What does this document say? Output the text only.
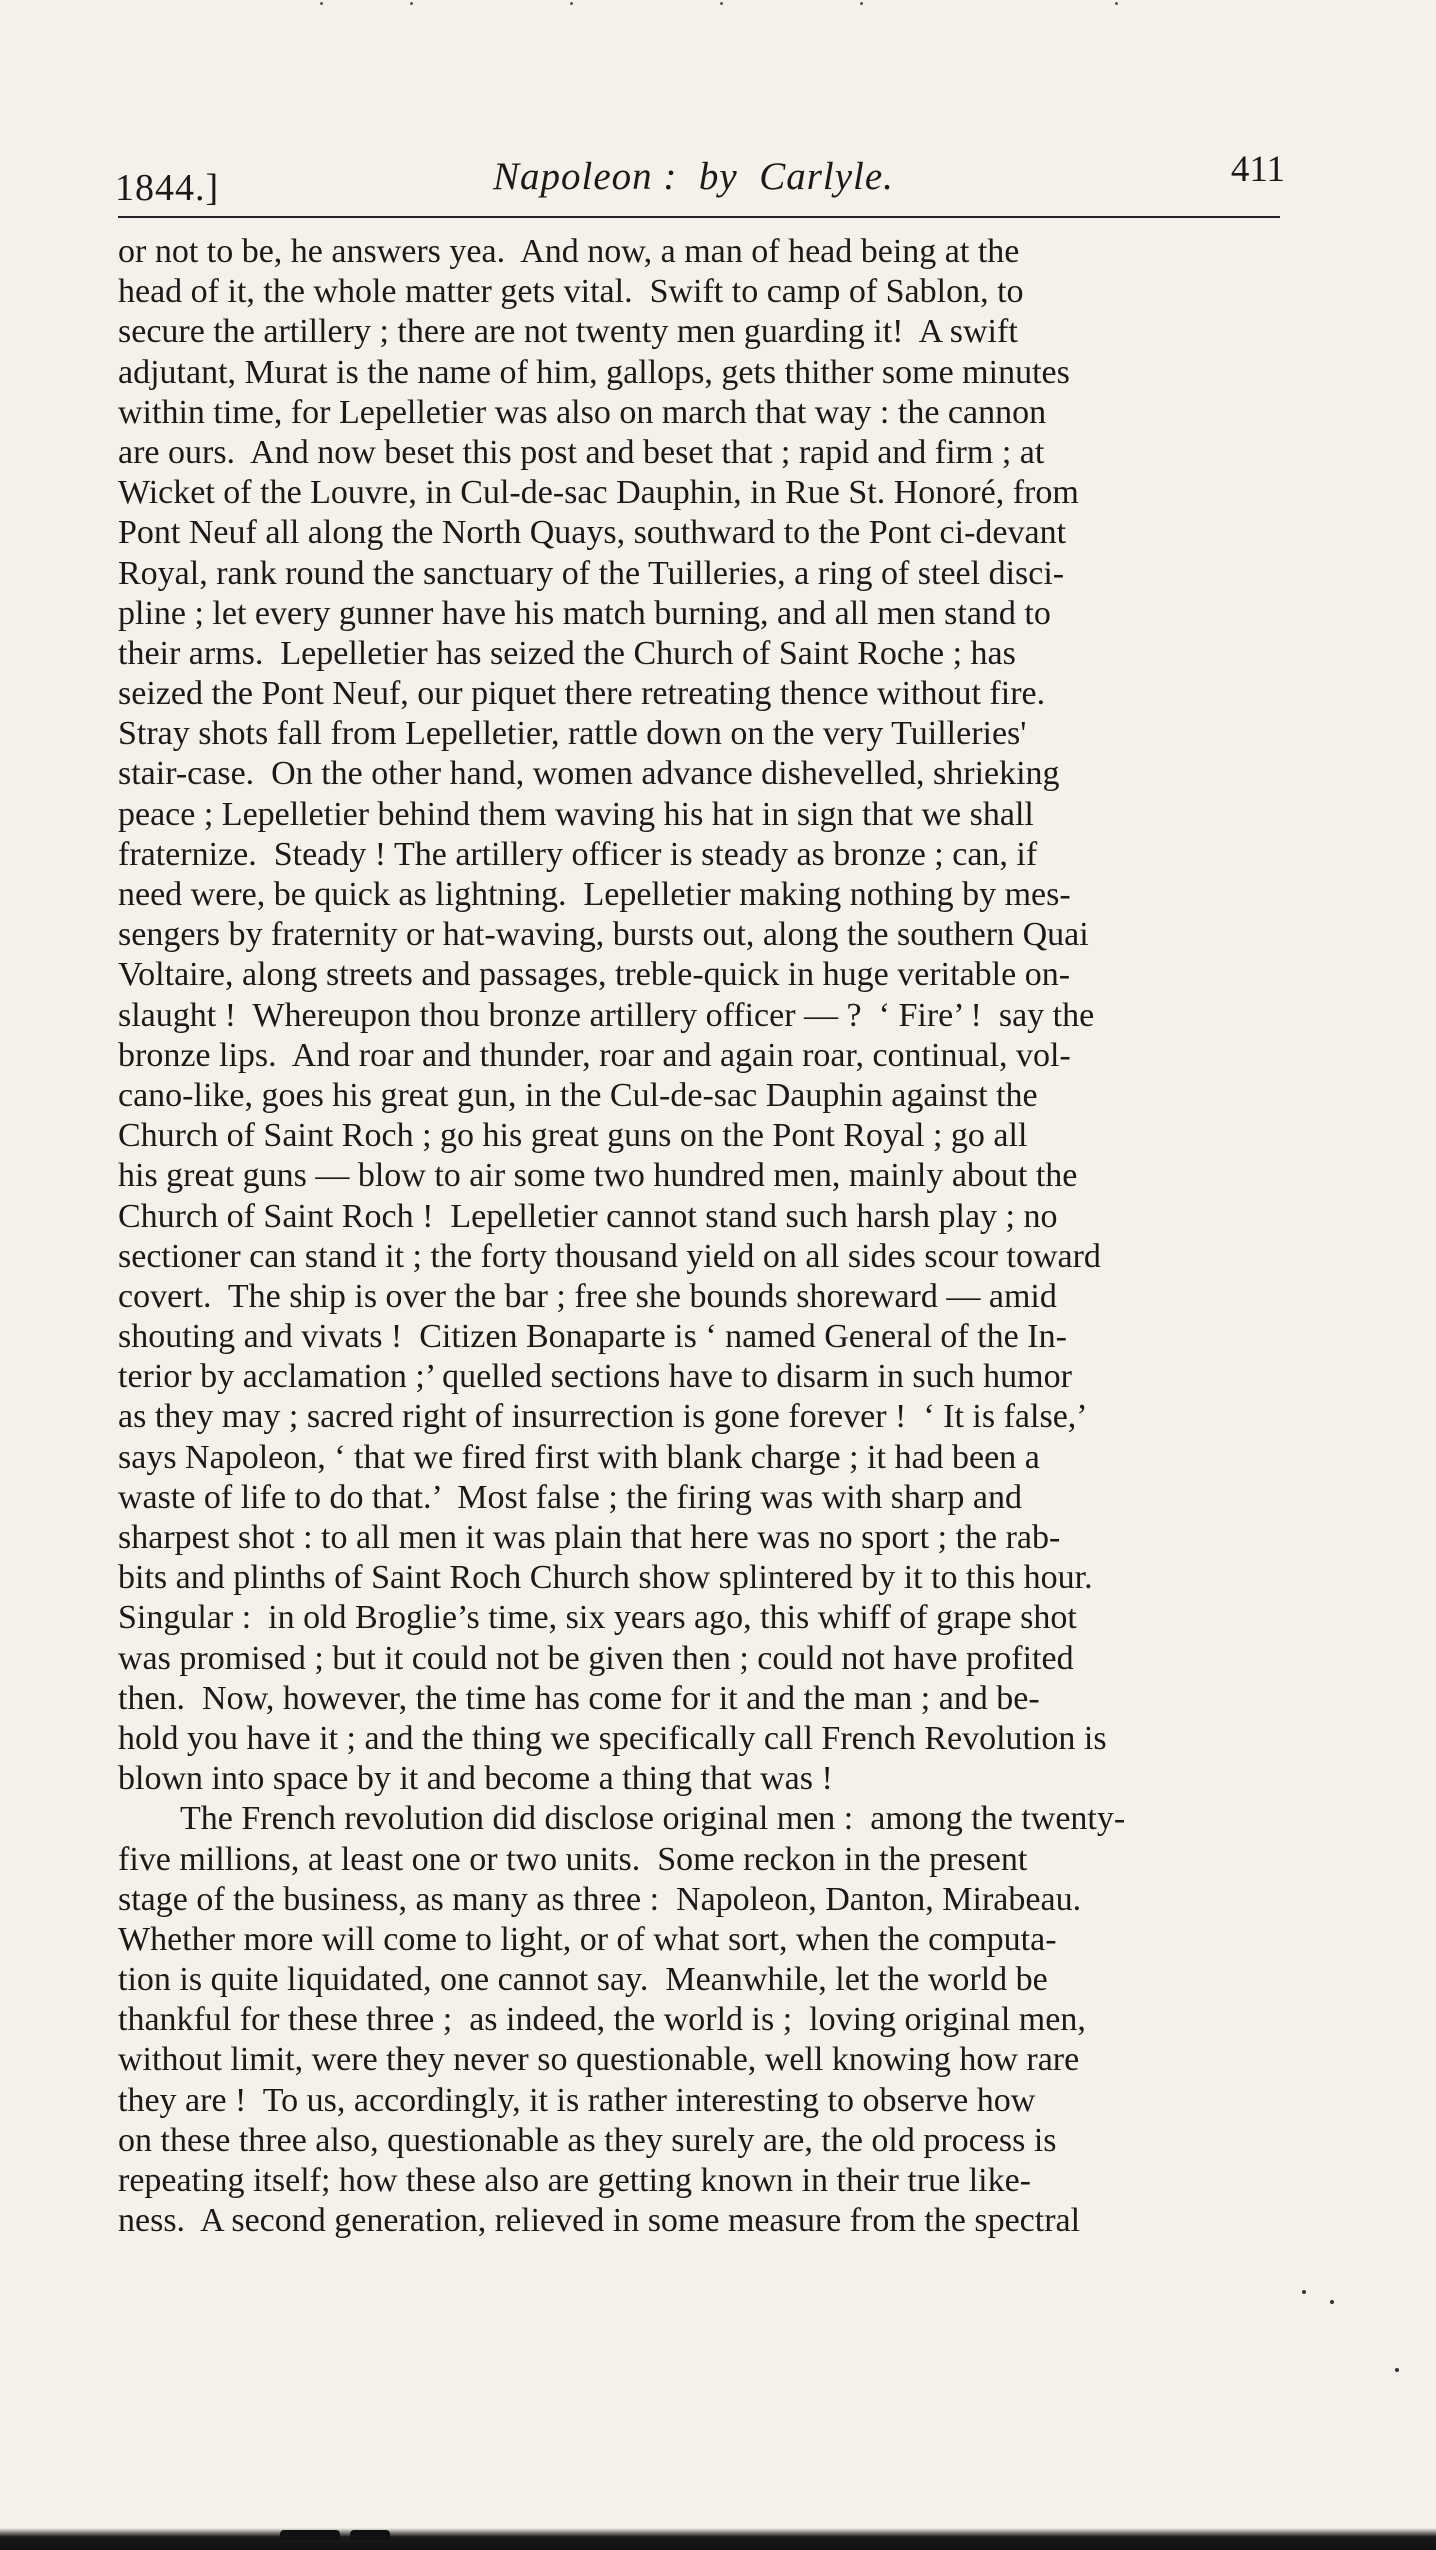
1844.]	Napoleon :  by  Carlyle.	411
or not to be, he answers yea.  And now, a man of head being at the
head of it, the whole matter gets vital.  Swift to camp of Sablon, to
secure the artillery ; there are not twenty men guarding it!  A swift
adjutant, Murat is the name of him, gallops, gets thither some minutes
within time, for Lepelletier was also on march that way : the cannon
are ours.  And now beset this post and beset that ; rapid and firm ; at
Wicket of the Louvre, in Cul-de-sac Dauphin, in Rue St. Honoré, from
Pont Neuf all along the North Quays, southward to the Pont ci-devant
Royal, rank round the sanctuary of the Tuilleries, a ring of steel disci-
pline ; let every gunner have his match burning, and all men stand to
their arms.  Lepelletier has seized the Church of Saint Roche ; has
seized the Pont Neuf, our piquet there retreating thence without fire.
Stray shots fall from Lepelletier, rattle down on the very Tuilleries'
stair-case.  On the other hand, women advance dishevelled, shrieking
peace ; Lepelletier behind them waving his hat in sign that we shall
fraternize.  Steady ! The artillery officer is steady as bronze ; can, if
need were, be quick as lightning.  Lepelletier making nothing by mes-
sengers by fraternity or hat-waving, bursts out, along the southern Quai
Voltaire, along streets and passages, treble-quick in huge veritable on-
slaught !  Whereupon thou bronze artillery officer — ?  ‘ Fire’ !  say the
bronze lips.  And roar and thunder, roar and again roar, continual, vol-
cano-like, goes his great gun, in the Cul-de-sac Dauphin against the
Church of Saint Roch ; go his great guns on the Pont Royal ; go all
his great guns — blow to air some two hundred men, mainly about the
Church of Saint Roch !  Lepelletier cannot stand such harsh play ; no
sectioner can stand it ; the forty thousand yield on all sides scour toward
covert.  The ship is over the bar ; free she bounds shoreward — amid
shouting and vivats !  Citizen Bonaparte is ‘ named General of the In-
terior by acclamation ;’ quelled sections have to disarm in such humor
as they may ; sacred right of insurrection is gone forever !  ‘ It is false,’
says Napoleon, ‘ that we fired first with blank charge ; it had been a
waste of life to do that.’  Most false ; the firing was with sharp and
sharpest shot : to all men it was plain that here was no sport ; the rab-
bits and plinths of Saint Roch Church show splintered by it to this hour.
Singular :  in old Broglie’s time, six years ago, this whiff of grape shot
was promised ; but it could not be given then ; could not have profited
then.  Now, however, the time has come for it and the man ; and be-
hold you have it ; and the thing we specifically call French Revolution is
blown into space by it and become a thing that was !
The French revolution did disclose original men :  among the twenty-
five millions, at least one or two units.  Some reckon in the present
stage of the business, as many as three :  Napoleon, Danton, Mirabeau.
Whether more will come to light, or of what sort, when the computa-
tion is quite liquidated, one cannot say.  Meanwhile, let the world be
thankful for these three ;  as indeed, the world is ;  loving original men,
without limit, were they never so questionable, well knowing how rare
they are !  To us, accordingly, it is rather interesting to observe how
on these three also, questionable as they surely are, the old process is
repeating itself; how these also are getting known in their true like-
ness.  A second generation, relieved in some measure from the spectral
